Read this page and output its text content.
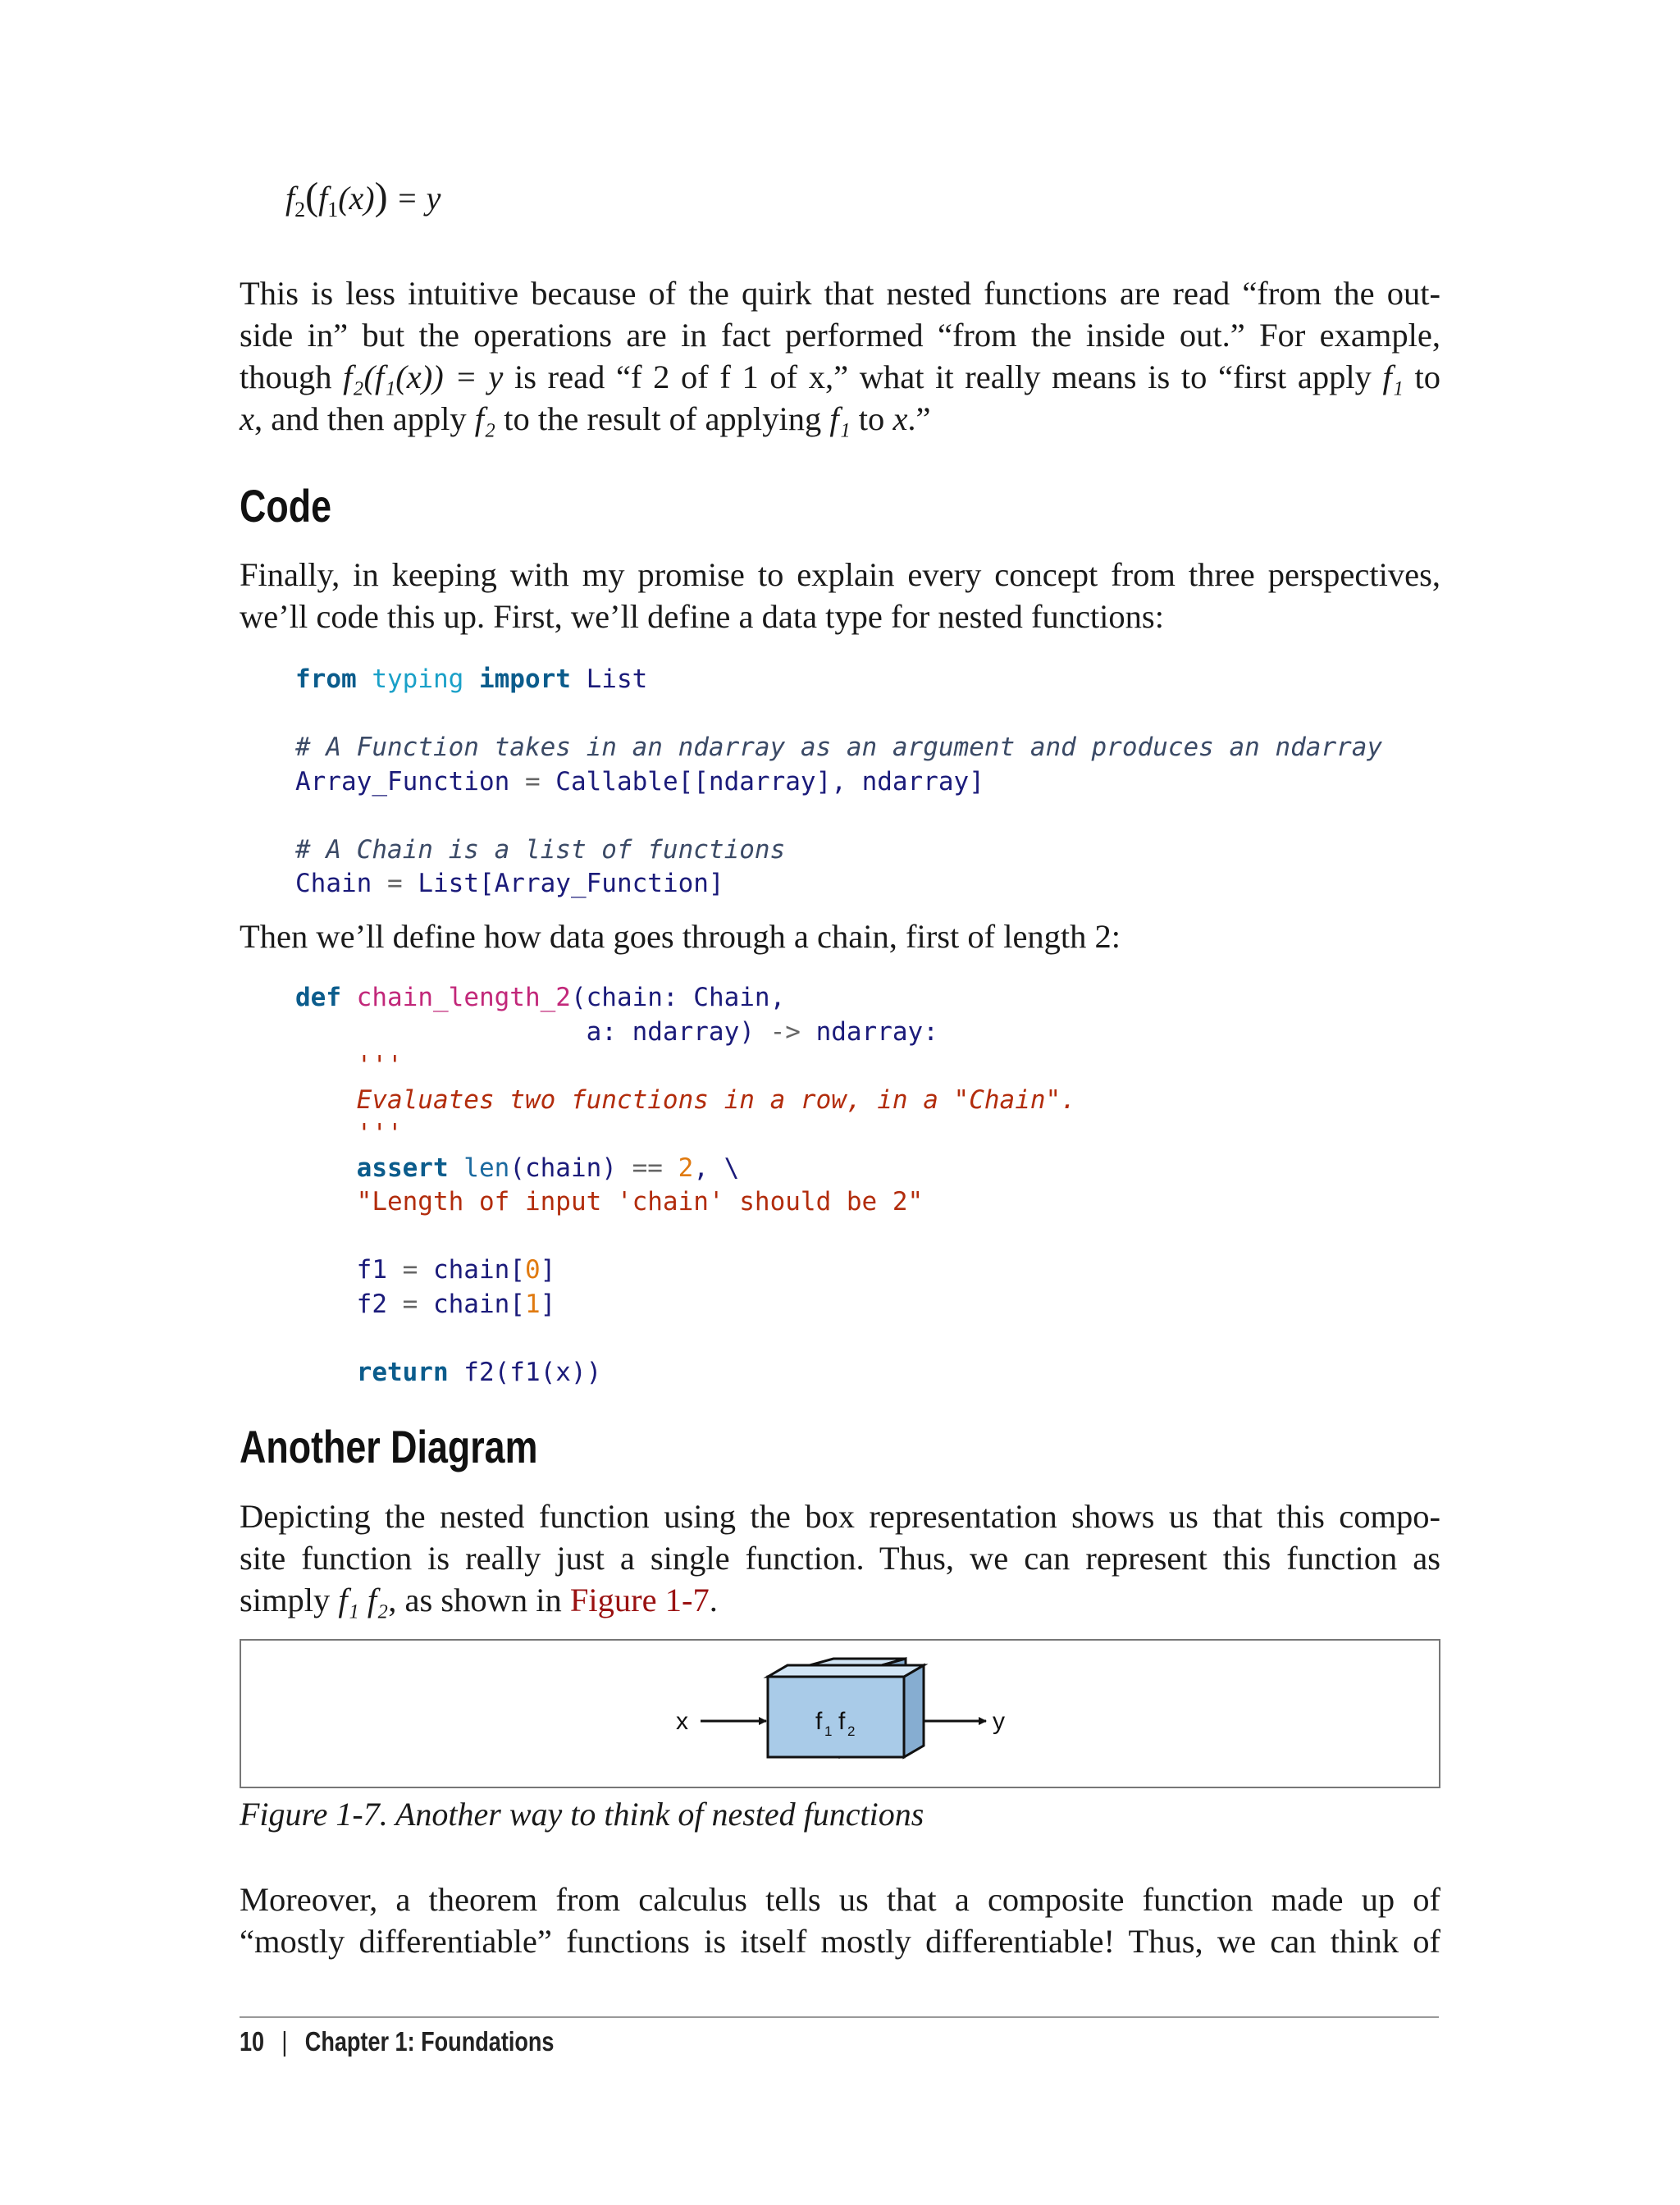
$f_2(f_1(x)) = y$
This is less intuitive because of the quirk that nested functions are read “from the out-
side in” but the operations are in fact performed “from the inside out.” For example,
though f₂(f₁(x)) = y is read “f 2 of f 1 of x,” what it really means is to “first apply f₁ to
x, and then apply f₂ to the result of applying f₁ to x.”
Code
Finally, in keeping with my promise to explain every concept from three perspectives,
we’ll code this up. First, we’ll define a data type for nested functions:
from typing import List

# A Function takes in an ndarray as an argument and produces an ndarray
Array_Function = Callable[[ndarray], ndarray]

# A Chain is a list of functions
Chain = List[Array_Function]
Then we’ll define how data goes through a chain, first of length 2:
def chain_length_2(chain: Chain,
a: ndarray) -> ndarray:
'''
Evaluates two functions in a row, in a "Chain".
'''
assert len(chain) == 2, \
"Length of input 'chain' should be 2"

f1 = chain[0]
f2 = chain[1]

return f2(f1(x))
Another Diagram
Depicting the nested function using the box representation shows us that this compo-
site function is really just a single function. Thus, we can represent this function as
simply f₁ f₂, as shown in Figure 1-7.
x	f 1 f 2	y
Figure 1-7. Another way to think of nested functions
Moreover, a theorem from calculus tells us that a composite function made up of
“mostly differentiable” functions is itself mostly differentiable! Thus, we can think of
10 | Chapter 1: Foundations
